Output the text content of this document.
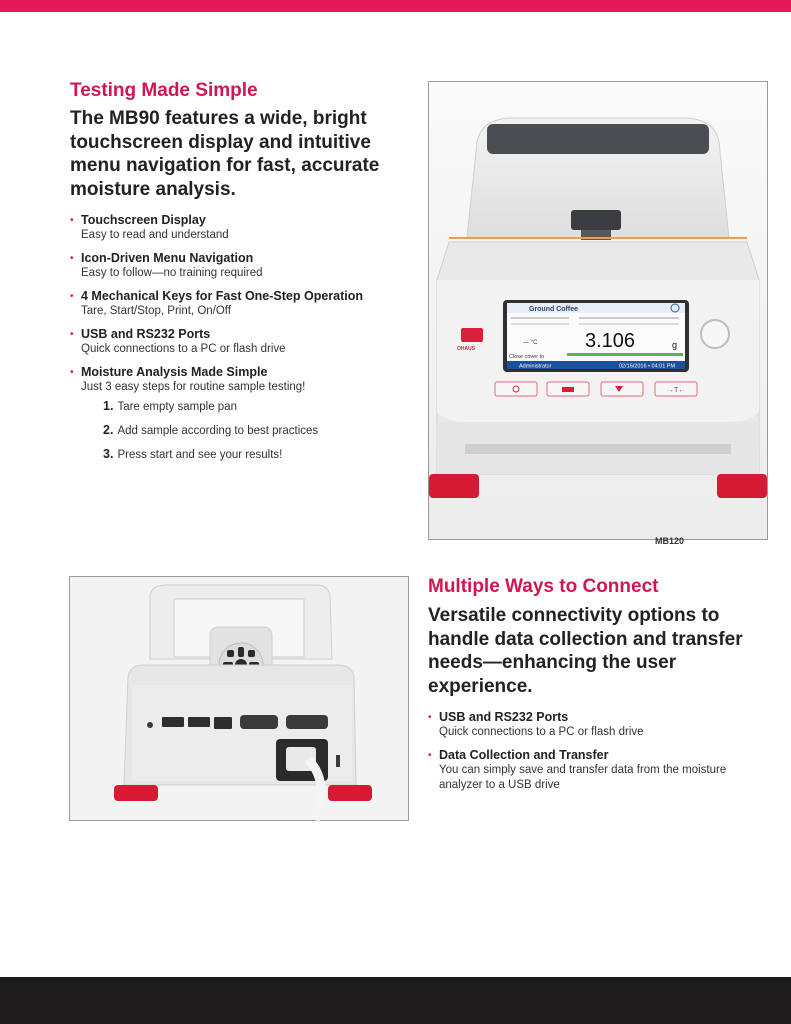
Testing Made Simple

The MB90 features a wide, bright touchscreen display and intuitive menu navigation for fast, accurate moisture analysis.

• Touchscreen Display
Easy to read and understand
• Icon-Driven Menu Navigation
Easy to follow—no training required
• 4 Mechanical Keys for Fast One-Step Operation
Tare, Start/Stop, Print, On/Off
• USB and RS232 Ports
Quick connections to a PC or flash drive
• Moisture Analysis Made Simple
Just 3 easy steps for routine sample testing!
1. Tare empty sample pan
2. Add sample according to best practices
3. Press start and see your results!
Ground Coffee
— °C 3.106	g
Close cover to
Administrator	02/16/2016 • 04:01 PM
OHAUS
→T←
MB120
Multiple Ways to Connect

Versatile connectivity options to handle data collection and transfer needs—enhancing the user experience.

• USB and RS232 Ports
Quick connections to a PC or flash drive
• Data Collection and Transfer
You can simply save and transfer data from the moisture analyzer to a USB drive
